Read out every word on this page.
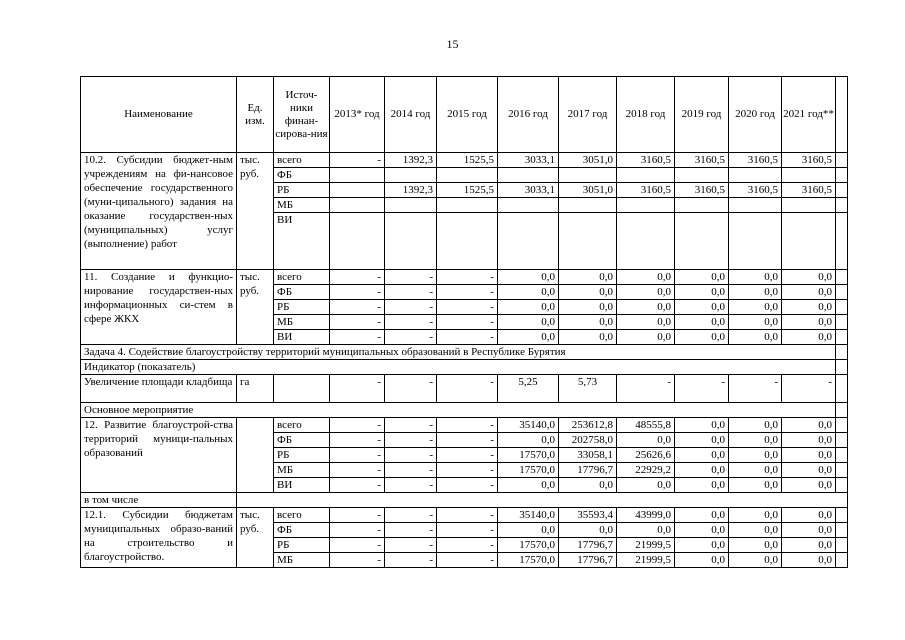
15
Наименование	Ед. изм.	Источ-ники финан-сирова-ния	2013* год	2014 год	2015 год	2016 год	2017 год	2018 год	2019 год	2020 год	2021 год**	
10.2. Субсидии бюджет-ным учреждениям на фи-нансовое обеспечение государственного (муни-ципального) задания на оказание государствен-ных (муниципальных) услуг (выполнение) работ	тыс. руб.	всего	-	1392,3	1525,5	3033,1	3051,0	3160,5	3160,5	3160,5	3160,5	
		ФБ										
		РБ		1392,3	1525,5	3033,1	3051,0	3160,5	3160,5	3160,5	3160,5	
		МБ										
		ВИ										
11. Создание и функцио-нирование государствен-ных информационных си-стем в сфере ЖКХ	тыс. руб.	всего	-	-	-	0,0	0,0	0,0	0,0	0,0	0,0	
		ФБ	-	-	-	0,0	0,0	0,0	0,0	0,0	0,0	
		РБ	-	-	-	0,0	0,0	0,0	0,0	0,0	0,0	
		МБ	-	-	-	0,0	0,0	0,0	0,0	0,0	0,0	
		ВИ	-	-	-	0,0	0,0	0,0	0,0	0,0	0,0	
Задача 4. Содействие благоустройству территорий муниципальных образований в Республике Бурятия												
Индикатор (показатель)												
Увеличение площади кладбища	га		-	-	-	5,25	5,73	-	-	-	-	
Основное мероприятие												
12. Развитие благоустрой-ства территорий муници-пальных образований		всего	-	-	-	35140,0	253612,8	48555,8	0,0	0,0	0,0	
		ФБ	-	-	-	0,0	202758,0	0,0	0,0	0,0	0,0	
		РБ	-	-	-	17570,0	33058,1	25626,6	0,0	0,0	0,0	
		МБ	-	-	-	17570,0	17796,7	22929,2	0,0	0,0	0,0	
		ВИ	-	-	-	0,0	0,0	0,0	0,0	0,0	0,0	
в том числе												
12.1. Субсидии бюджетам муниципальных образо-ваний на строительство и благоустройство.	тыс. руб.	всего	-	-	-	35140,0	35593,4	43999,0	0,0	0,0	0,0	
		ФБ	-	-	-	0,0	0,0	0,0	0,0	0,0	0,0	
		РБ	-	-	-	17570,0	17796,7	21999,5	0,0	0,0	0,0	
		МБ	-	-	-	17570,0	17796,7	21999,5	0,0	0,0	0,0	
